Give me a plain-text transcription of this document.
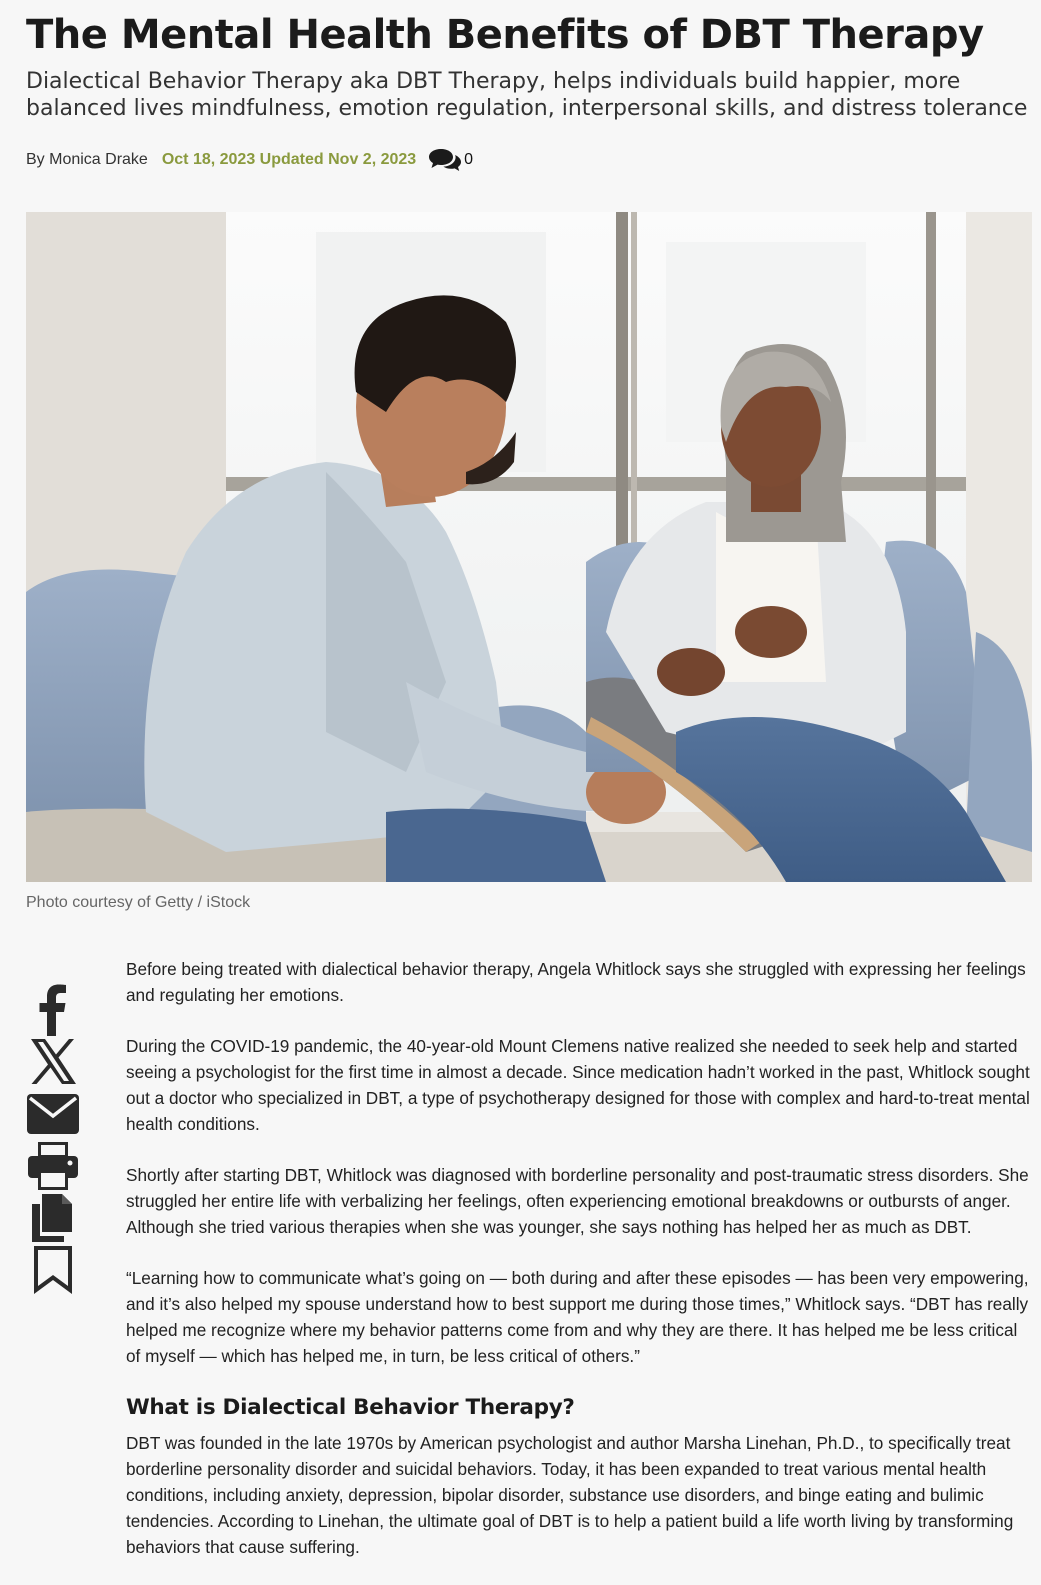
The Mental Health Benefits of DBT Therapy

Dialectical Behavior Therapy aka DBT Therapy, helps individuals build happier, more balanced lives mindfulness, emotion regulation, interpersonal skills, and distress tolerance

By Monica Drake Oct 18, 2023 Updated Nov 2, 2023	0
Photo courtesy of Getty / iStock

Before being treated with dialectical behavior therapy, Angela Whitlock says she struggled with expressing her feelings and regulating her emotions.

During the COVID-19 pandemic, the 40-year-old Mount Clemens native realized she needed to seek help and started seeing a psychologist for the first time in almost a decade. Since medication hadn’t worked in the past, Whitlock sought out a doctor who specialized in DBT, a type of psychotherapy designed for those with complex and hard-to-treat mental health conditions.

Shortly after starting DBT, Whitlock was diagnosed with borderline personality and post-traumatic stress disorders. She struggled her entire life with verbalizing her feelings, often experiencing emotional breakdowns or outbursts of anger. Although she tried various therapies when she was younger, she says nothing has helped her as much as DBT.

“Learning how to communicate what’s going on — both during and after these episodes — has been very empowering, and it’s also helped my spouse understand how to best support me during those times,” Whitlock says. “DBT has really helped me recognize where my behavior patterns come from and why they are there. It has helped me be less critical of myself — which has helped me, in turn, be less critical of others.”

What is Dialectical Behavior Therapy?

DBT was founded in the late 1970s by American psychologist and author Marsha Linehan, Ph.D., to specifically treat borderline personality disorder and suicidal behaviors. Today, it has been expanded to treat various mental health conditions, including anxiety, depression, bipolar disorder, substance use disorders, and binge eating and bulimic tendencies. According to Linehan, the ultimate goal of DBT is to help a patient build a life worth living by transforming behaviors that cause suffering.
